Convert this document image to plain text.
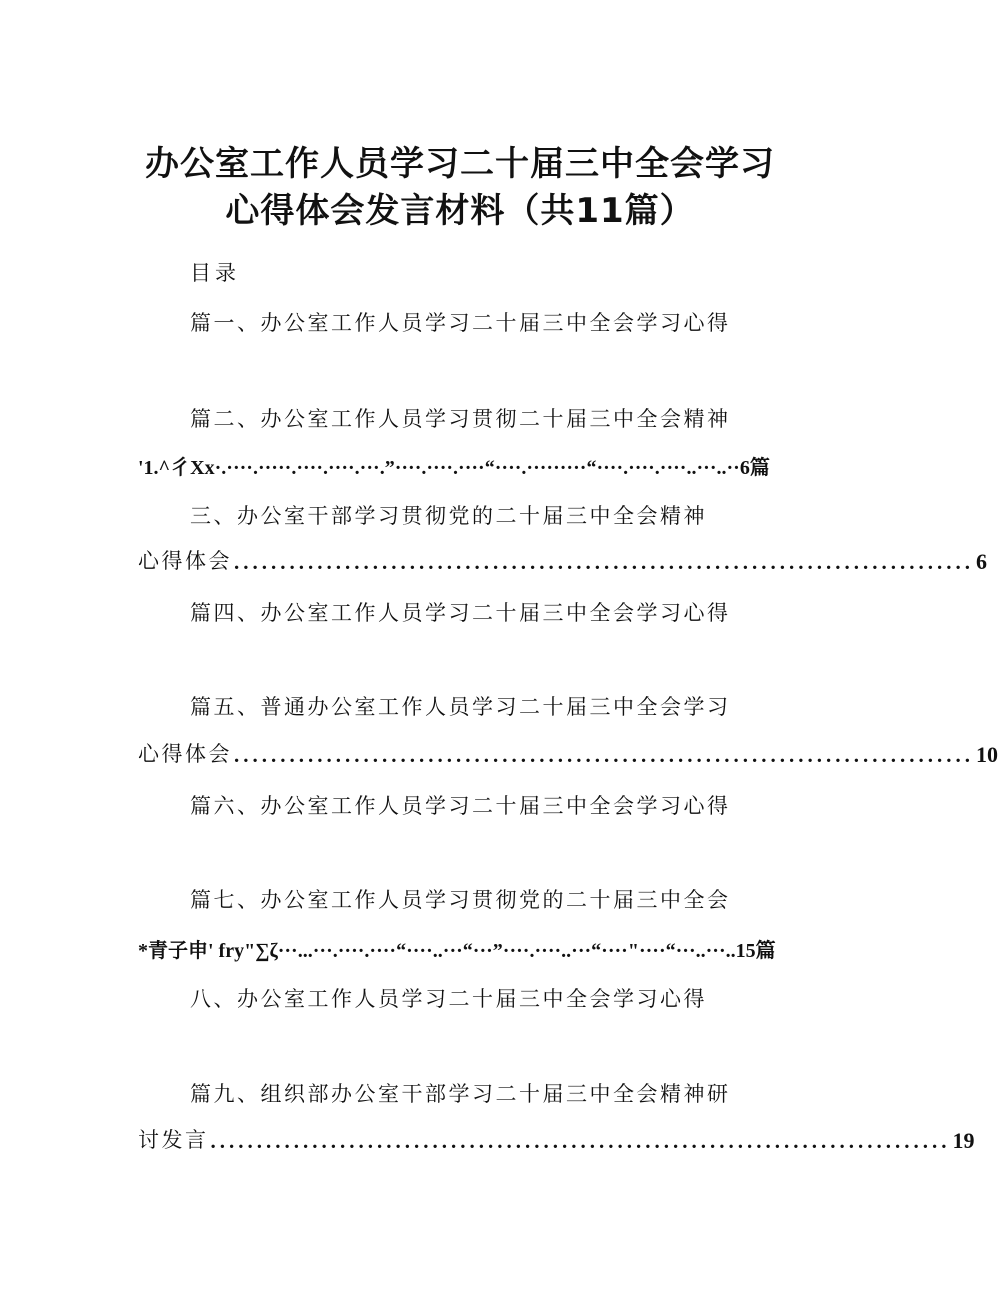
办公室工作人员学习二十届三中全会学习
心得体会发言材料（共11篇）
目录
篇一、办公室工作人员学习二十届三中全会学习心得
篇二、办公室工作人员学习贯彻二十届三中全会精神
'1.^彳Xx·.····.·····.····.····.···.”····.····.····“····.·········“····.····.····..···..··6篇
三、办公室干部学习贯彻党的二十届三中全会精神
心得体会 ................................................................................ 6
篇四、办公室工作人员学习二十届三中全会学习心得
篇五、普通办公室工作人员学习二十届三中全会学习
心得体会 ................................................................................ 10
篇六、办公室工作人员学习二十届三中全会学习心得
篇七、办公室工作人员学习贯彻党的二十届三中全会
*青子申' fry"∑ζ···...···.····.····“····..···“···”····.····..···“····"····“···..···..15篇
八、办公室工作人员学习二十届三中全会学习心得
篇九、组织部办公室干部学习二十届三中全会精神研
讨发言 ................................................................................ 19
